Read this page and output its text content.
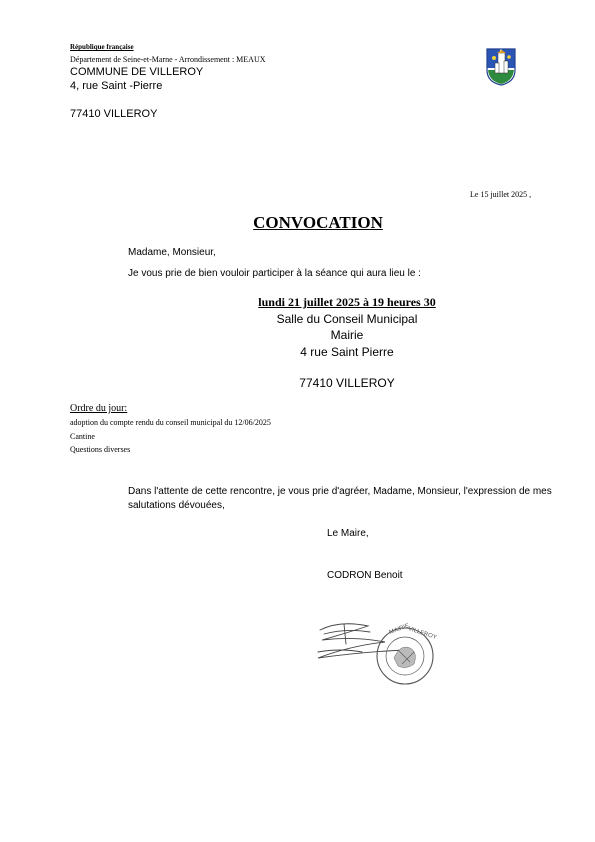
République française
Département de Seine-et-Marne - Arrondissement : MEAUX
COMMUNE DE VILLEROY
4, rue Saint -Pierre
77410 VILLEROY
Le 15 juillet 2025 ,
CONVOCATION
Madame, Monsieur,
Je vous prie de bien vouloir participer à la séance qui aura lieu le :
lundi 21 juillet 2025 à 19 heures 30
Salle du Conseil Municipal
Mairie
4 rue Saint Pierre
77410 VILLEROY
Ordre du jour:
adoption du compte rendu du conseil municipal du 12/06/2025
Cantine
Questions diverses
Dans l'attente de cette rencontre, je vous prie d'agréer, Madame, Monsieur, l'expression de mes salutations dévouées,
Le Maire,
CODRON Benoit
MAIRIE
VILLEROY
